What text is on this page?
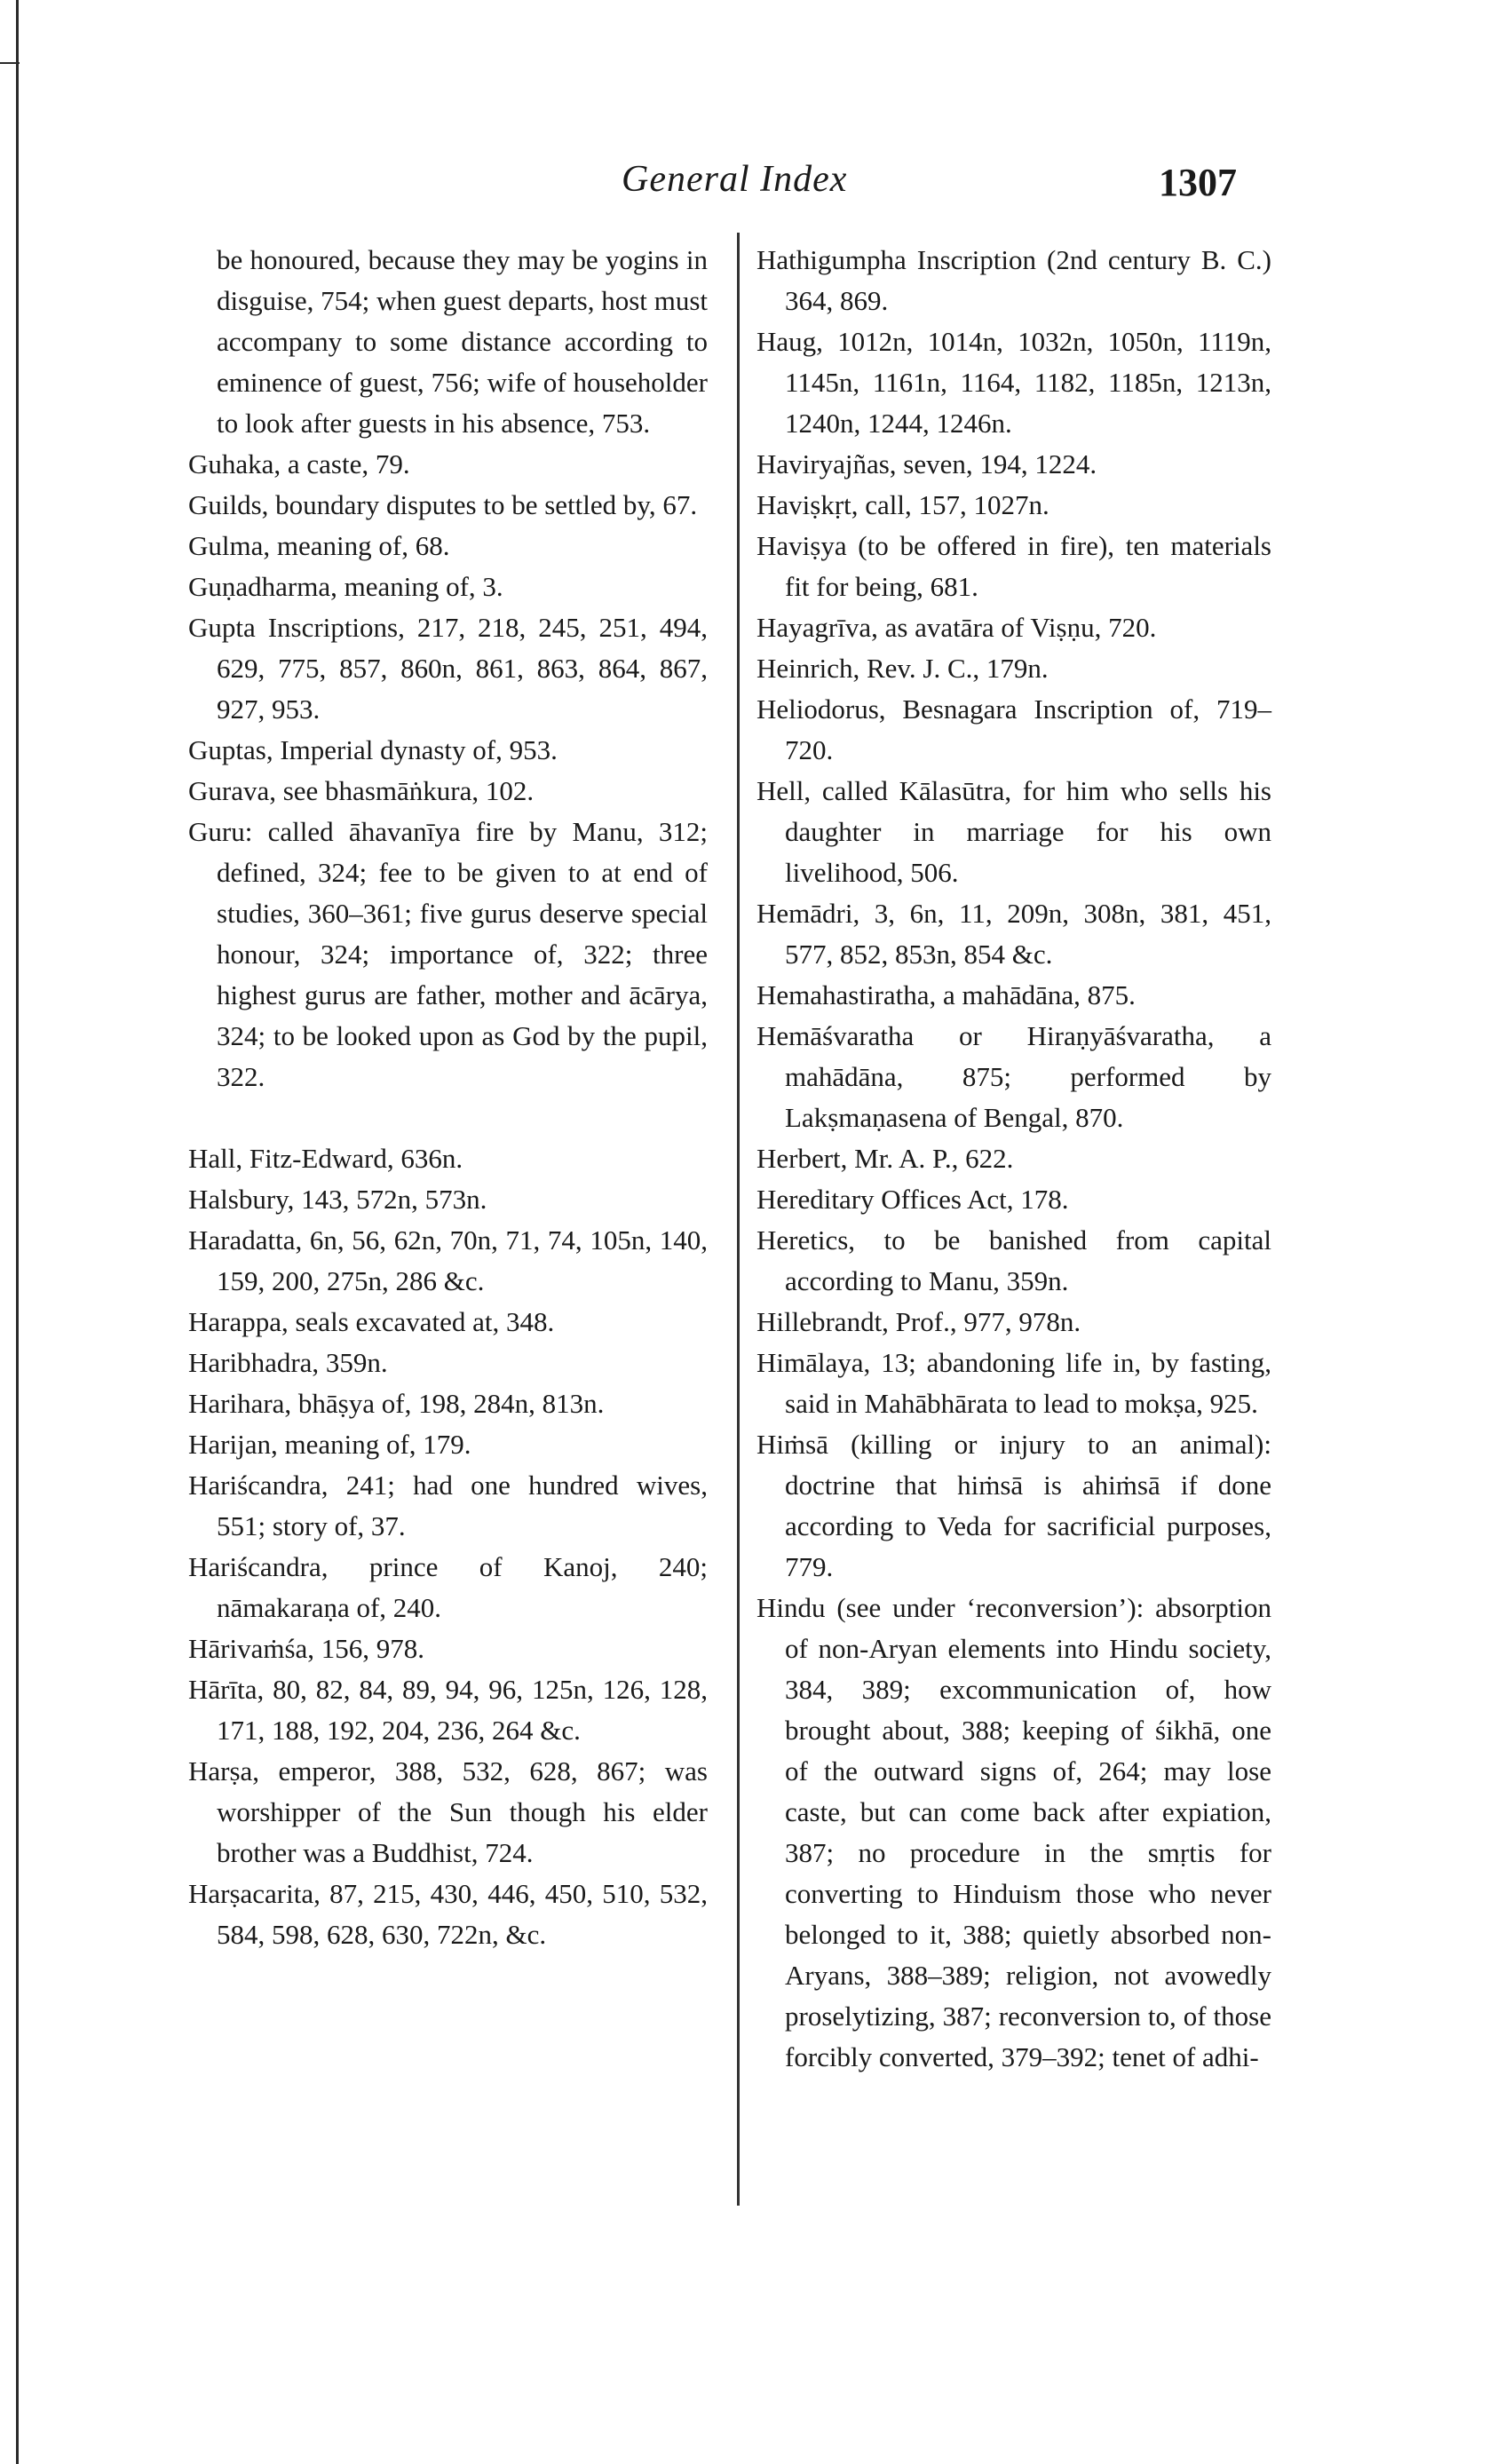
General Index	1307
be honoured, because they may be yogins in disguise, 754; when guest departs, host must accompany to some distance according to eminence of guest, 756; wife of householder to look after guests in his absence, 753.
Guhaka, a caste, 79.
Guilds, boundary disputes to be settled by, 67.
Gulma, meaning of, 68.
Guṇadharma, meaning of, 3.
Gupta Inscriptions, 217, 218, 245, 251, 494, 629, 775, 857, 860n, 861, 863, 864, 867, 927, 953.
Guptas, Imperial dynasty of, 953.
Gurava, see bhasmāṅkura, 102.
Guru: called āhavanīya fire by Manu, 312; defined, 324; fee to be given to at end of studies, 360–361; five gurus deserve special honour, 324; importance of, 322; three highest gurus are father, mother and ācārya, 324; to be looked upon as God by the pupil, 322.
Hall, Fitz-Edward, 636n.
Halsbury, 143, 572n, 573n.
Haradatta, 6n, 56, 62n, 70n, 71, 74, 105n, 140, 159, 200, 275n, 286 &c.
Harappa, seals excavated at, 348.
Haribhadra, 359n.
Harihara, bhāṣya of, 198, 284n, 813n.
Harijan, meaning of, 179.
Hariścandra, 241; had one hundred wives, 551; story of, 37.
Hariścandra, prince of Kanoj, 240; nāmakaraṇa of, 240.
Hārivaṁśa, 156, 978.
Hārīta, 80, 82, 84, 89, 94, 96, 125n, 126, 128, 171, 188, 192, 204, 236, 264 &c.
Harṣa, emperor, 388, 532, 628, 867; was worshipper of the Sun though his elder brother was a Buddhist, 724.
Harṣacarita, 87, 215, 430, 446, 450, 510, 532, 584, 598, 628, 630, 722n, &c.
Hathigumpha Inscription (2nd century B. C.) 364, 869.
Haug, 1012n, 1014n, 1032n, 1050n, 1119n, 1145n, 1161n, 1164, 1182, 1185n, 1213n, 1240n, 1244, 1246n.
Haviryajñas, seven, 194, 1224.
Haviṣkṛt, call, 157, 1027n.
Haviṣya (to be offered in fire), ten materials fit for being, 681.
Hayagrīva, as avatāra of Viṣṇu, 720.
Heinrich, Rev. J. C., 179n.
Heliodorus, Besnagara Inscription of, 719–720.
Hell, called Kālasūtra, for him who sells his daughter in marriage for his own livelihood, 506.
Hemādri, 3, 6n, 11, 209n, 308n, 381, 451, 577, 852, 853n, 854 &c.
Hemahastiratha, a mahādāna, 875.
Hemāśvaratha or Hiraṇyāśvaratha, a mahādāna, 875; performed by Lakṣmaṇasena of Bengal, 870.
Herbert, Mr. A. P., 622.
Hereditary Offices Act, 178.
Heretics, to be banished from capital according to Manu, 359n.
Hillebrandt, Prof., 977, 978n.
Himālaya, 13; abandoning life in, by fasting, said in Mahābhārata to lead to mokṣa, 925.
Hiṁsā (killing or injury to an animal): doctrine that hiṁsā is ahiṁsā if done according to Veda for sacrificial purposes, 779.
Hindu (see under ‘reconversion’): absorption of non-Aryan elements into Hindu society, 384, 389; excommunication of, how brought about, 388; keeping of śikhā, one of the outward signs of, 264; may lose caste, but can come back after expiation, 387; no procedure in the smṛtis for converting to Hinduism those who never belonged to it, 388; quietly absorbed non-Aryans, 388–389; religion, not avowedly proselytizing, 387; reconversion to, of those forcibly converted, 379–392; tenet of adhi-
